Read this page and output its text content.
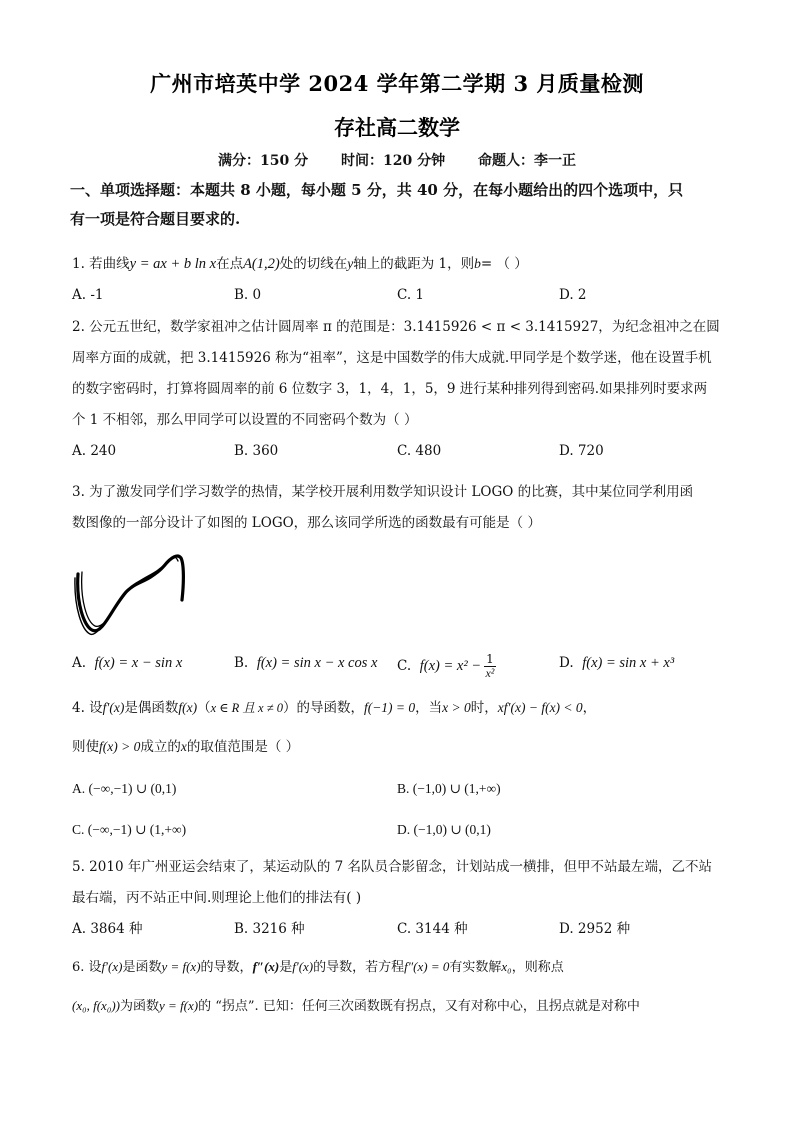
广州市培英中学 2024 学年第二学期 3 月质量检测
存社高二数学
满分：150 分 时间：120 分钟 命题人：李一正
一、单项选择题：本题共 8 小题，每小题 5 分，共 40 分，在每小题给出的四个选项中，只
有一项是符合题目要求的.
1. 若曲线y = ax + b ln x在点A(1,2)处的切线在y轴上的截距为 1，则b= （ ）
A. -1	B. 0	C. 1	D. 2
2. 公元五世纪，数学家祖冲之估计圆周率 π 的范围是：3.1415926 < π < 3.1415927，为纪念祖冲之在圆
周率方面的成就，把 3.1415926 称为“祖率”，这是中国数学的伟大成就.甲同学是个数学迷，他在设置手机
的数字密码时，打算将圆周率的前 6 位数字 3，1，4，1，5，9 进行某种排列得到密码.如果排列时要求两
个 1 不相邻，那么甲同学可以设置的不同密码个数为（ ）
A. 240	B. 360	C. 480	D. 720
3. 为了激发同学们学习数学的热情，某学校开展利用数学知识设计 LOGO 的比赛，其中某位同学利用函
数图像的一部分设计了如图的 LOGO，那么该同学所选的函数最有可能是（ ）
A. f(x) = x − sin x	B. f(x) = sin x − x cos x C. $f(x) = x^2 - \frac{1}{\text{x²}}$	D. f(x) = sin x + x³
4. 设f′(x)是偶函数f(x)（x ∈ R 且 x ≠ 0）的导函数，f(−1) = 0，当x > 0时，xf′(x) − f(x) < 0，
则使f(x) > 0成立的x的取值范围是（ ）
A. (−∞,−1) ∪ (0,1)	B. (−1,0) ∪ (1,+∞)
C. (−∞,−1) ∪ (1,+∞)	D. (−1,0) ∪ (0,1)
5. 2010 年广州亚运会结束了，某运动队的 7 名队员合影留念，计划站成一横排，但甲不站最左端，乙不站
最右端，丙不站正中间.则理论上他们的排法有( )
A. 3864 种	B. 3216 种	C. 3144 种	D. 2952 种
6. 设f′(x)是函数y = f(x)的导数，f″(x)是f′(x)的导数，若方程f″(x) = 0有实数解x₀，则称点
(x₀, f(x₀))为函数y = f(x)的 “拐点”. 已知：任何三次函数既有拐点，又有对称中心，且拐点就是对称中
